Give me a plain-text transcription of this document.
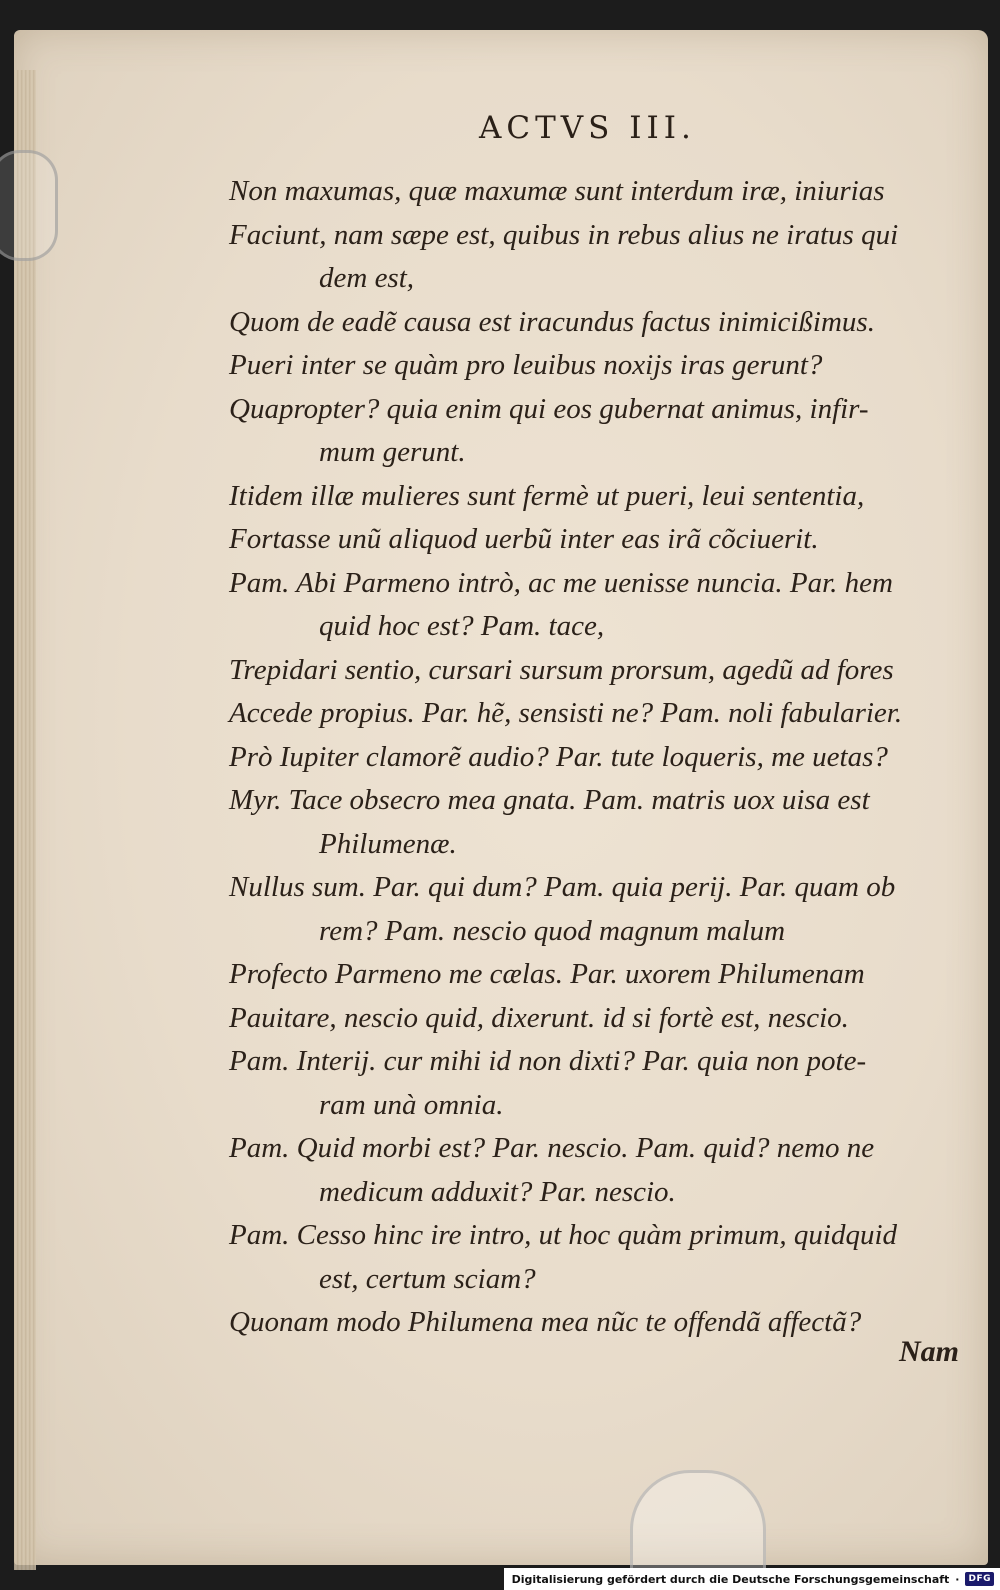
ACTVS III.
Non maxumas, quæ maxumæ sunt interdum iræ, iniurias
Faciunt, nam sæpe est, quibus in rebus alius ne iratus qui
dem est,
Quom de eadẽ causa est iracundus factus inimicißimus.
Pueri inter se quàm pro leuibus noxijs iras gerunt?
Quapropter? quia enim qui eos gubernat animus, infir-
mum gerunt.
Itidem illæ mulieres sunt fermè ut pueri, leui sententia,
Fortasse unũ aliquod uerbũ inter eas irã cõciuerit.
Pam. Abi Parmeno intrò, ac me uenisse nuncia. Par. hem
quid hoc est? Pam. tace,
Trepidari sentio, cursari sursum prorsum, agedũ ad fores
Accede propius. Par. hẽ, sensisti ne? Pam. noli fabularier.
Prò Iupiter clamorẽ audio? Par. tute loqueris, me uetas?
Myr. Tace obsecro mea gnata. Pam. matris uox uisa est
Philumenæ.
Nullus sum. Par. qui dum? Pam. quia perij. Par. quam ob
rem? Pam. nescio quod magnum malum
Profecto Parmeno me cælas. Par. uxorem Philumenam
Pauitare, nescio quid, dixerunt. id si fortè est, nescio.
Pam. Interij. cur mihi id non dixti? Par. quia non pote-
ram unà omnia.
Pam. Quid morbi est? Par. nescio. Pam. quid? nemo ne
medicum adduxit? Par. nescio.
Pam. Cesso hinc ire intro, ut hoc quàm primum, quidquid
est, certum sciam?
Quonam modo Philumena mea nũc te offendã affectã?
Nam
Digitalisierung gefördert durch die Deutsche Forschungsgemeinschaft ·	DFG
